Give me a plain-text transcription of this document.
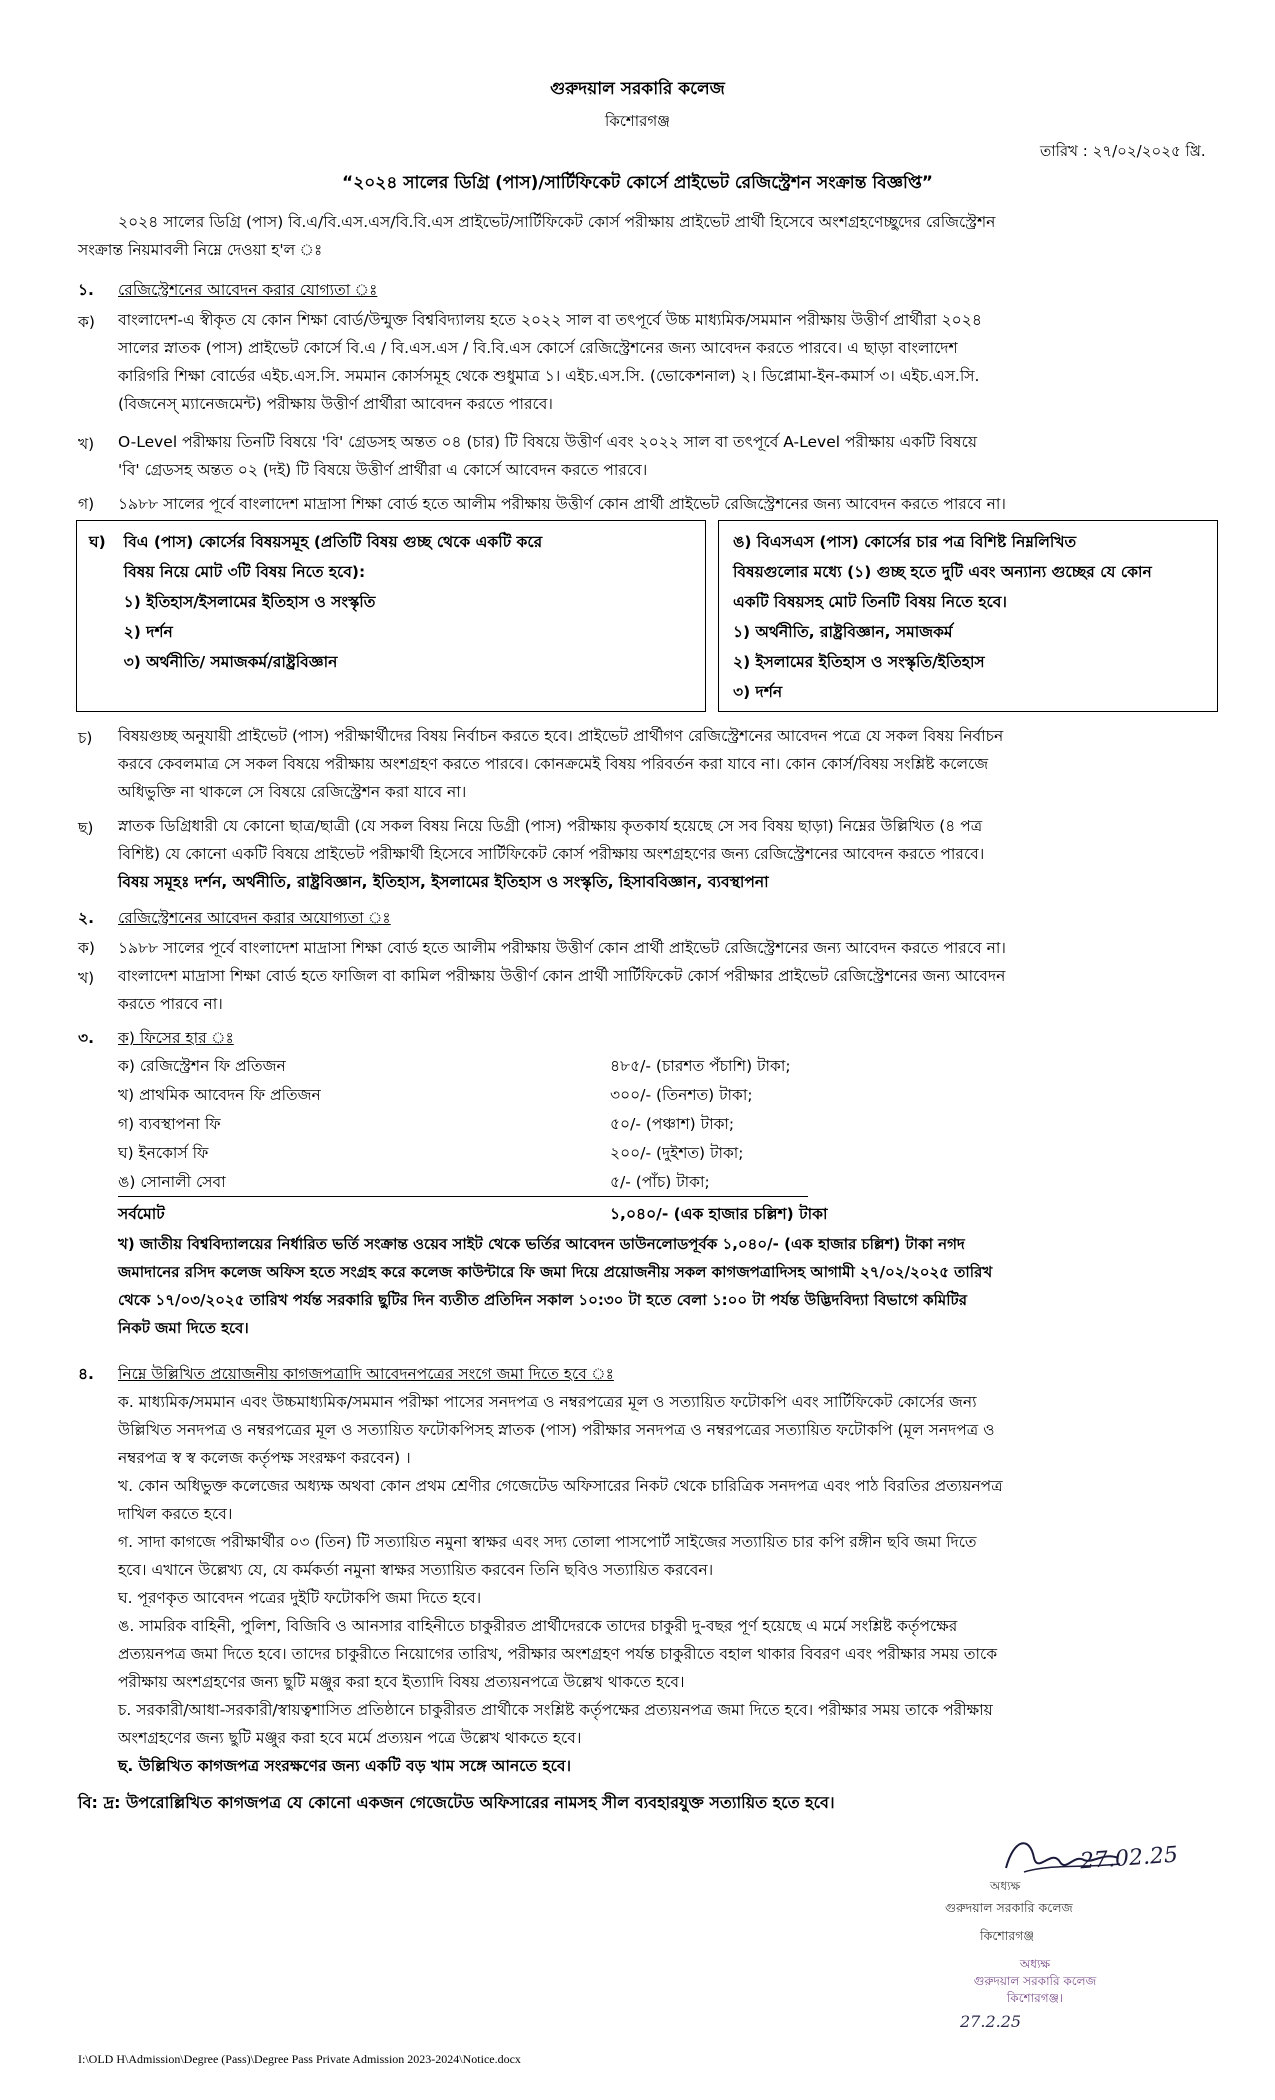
গুরুদয়াল সরকারি কলেজ
কিশোরগঞ্জ
তারিখ : ২৭/০২/২০২৫ খ্রি.
“২০২৪ সালের ডিগ্রি (পাস)/সার্টিফিকেট কোর্সে প্রাইভেট রেজিস্ট্রেশন সংক্রান্ত বিজ্ঞপ্তি”
২০২৪ সালের ডিগ্রি (পাস) বি.এ/বি.এস.এস/বি.বি.এস প্রাইভেট/সার্টিফিকেট কোর্স পরীক্ষায় প্রাইভেট প্রার্থী হিসেবে অংশগ্রহণেচ্ছুদের রেজিস্ট্রেশন
সংক্রান্ত নিয়মাবলী নিম্নে দেওয়া হ'ল ঃ
১. রেজিস্ট্রেশনের আবেদন করার যোগ্যতা ঃ
ক) বাংলাদেশ-এ স্বীকৃত যে কোন শিক্ষা বোর্ড/উন্মুক্ত বিশ্ববিদ্যালয় হতে ২০২২ সাল বা তৎপূর্বে উচ্চ মাধ্যমিক/সমমান পরীক্ষায় উত্তীর্ণ প্রার্থীরা ২০২৪
সালের স্নাতক (পাস) প্রাইভেট কোর্সে বি.এ / বি.এস.এস / বি.বি.এস কোর্সে রেজিস্ট্রেশনের জন্য আবেদন করতে পারবে। এ ছাড়া বাংলাদেশ
কারিগরি শিক্ষা বোর্ডের এইচ.এস.সি. সমমান কোর্সসমূহ থেকে শুধুমাত্র ১। এইচ.এস.সি. (ভোকেশনাল) ২। ডিপ্লোমা-ইন-কমার্স ৩। এইচ.এস.সি.
(বিজনেস্ ম্যানেজমেন্ট) পরীক্ষায় উত্তীর্ণ প্রার্থীরা আবেদন করতে পারবে।
খ) O-Level পরীক্ষায় তিনটি বিষয়ে 'বি' গ্রেডসহ অন্তত ০৪ (চার) টি বিষয়ে উত্তীর্ণ এবং ২০২২ সাল বা তৎপূর্বে A-Level পরীক্ষায় একটি বিষয়ে
'বি' গ্রেডসহ অন্তত ০২ (দই) টি বিষয়ে উত্তীর্ণ প্রার্থীরা এ কোর্সে আবেদন করতে পারবে।
গ) ১৯৮৮ সালের পূর্বে বাংলাদেশ মাদ্রাসা শিক্ষা বোর্ড হতে আলীম পরীক্ষায় উত্তীর্ণ কোন প্রার্থী প্রাইভেট রেজিস্ট্রেশনের জন্য আবেদন করতে পারবে না।
ঘ) বিএ (পাস) কোর্সের বিষয়সমূহ (প্রতিটি বিষয় গুচ্ছ থেকে একটি করে
বিষয় নিয়ে মোট ৩টি বিষয় নিতে হবে):
১) ইতিহাস/ইসলামের ইতিহাস ও সংস্কৃতি
২) দর্শন
৩) অর্থনীতি/ সমাজকর্ম/রাষ্ট্রবিজ্ঞান
ঙ) বিএসএস (পাস) কোর্সের চার পত্র বিশিষ্ট নিম্নলিখিত
বিষয়গুলোর মধ্যে (১) গুচ্ছ হতে দুটি এবং অন্যান্য গুচ্ছের যে কোন
একটি বিষয়সহ মোট তিনটি বিষয় নিতে হবে।
১) অর্থনীতি, রাষ্ট্রবিজ্ঞান, সমাজকর্ম
২) ইসলামের ইতিহাস ও সংস্কৃতি/ইতিহাস
৩) দর্শন
চ) বিষয়গুচ্ছ অনুযায়ী প্রাইভেট (পাস) পরীক্ষার্থীদের বিষয় নির্বাচন করতে হবে। প্রাইভেট প্রার্থীগণ রেজিস্ট্রেশনের আবেদন পত্রে যে সকল বিষয় নির্বাচন
করবে কেবলমাত্র সে সকল বিষয়ে পরীক্ষায় অংশগ্রহণ করতে পারবে। কোনক্রমেই বিষয় পরিবর্তন করা যাবে না। কোন কোর্স/বিষয় সংশ্লিষ্ট কলেজে
অধিভুক্তি না থাকলে সে বিষয়ে রেজিস্ট্রেশন করা যাবে না।
ছ) স্নাতক ডিগ্রিধারী যে কোনো ছাত্র/ছাত্রী (যে সকল বিষয় নিয়ে ডিগ্রী (পাস) পরীক্ষায় কৃতকার্য হয়েছে সে সব বিষয় ছাড়া) নিম্নের উল্লিখিত (৪ পত্র
বিশিষ্ট) যে কোনো একটি বিষয়ে প্রাইভেট পরীক্ষার্থী হিসেবে সার্টিফিকেট কোর্স পরীক্ষায় অংশগ্রহণের জন্য রেজিস্ট্রেশনের আবেদন করতে পারবে।
বিষয় সমূহঃ দর্শন, অর্থনীতি, রাষ্ট্রবিজ্ঞান, ইতিহাস, ইসলামের ইতিহাস ও সংস্কৃতি, হিসাববিজ্ঞান, ব্যবস্থাপনা
২. রেজিস্ট্রেশনের আবেদন করার অযোগ্যতা ঃ
ক) ১৯৮৮ সালের পূর্বে বাংলাদেশ মাদ্রাসা শিক্ষা বোর্ড হতে আলীম পরীক্ষায় উত্তীর্ণ কোন প্রার্থী প্রাইভেট রেজিস্ট্রেশনের জন্য আবেদন করতে পারবে না।
খ) বাংলাদেশ মাদ্রাসা শিক্ষা বোর্ড হতে ফাজিল বা কামিল পরীক্ষায় উত্তীর্ণ কোন প্রার্থী সার্টিফিকেট কোর্স পরীক্ষার প্রাইভেট রেজিস্ট্রেশনের জন্য আবেদন
করতে পারবে না।
৩. ক) ফিসের হার ঃ
ক) রেজিস্ট্রেশন ফি প্রতিজন	৪৮৫/- (চারশত পঁচাশি) টাকা;
খ) প্রাথমিক আবেদন ফি প্রতিজন	৩০০/- (তিনশত) টাকা;
গ) ব্যবস্থাপনা ফি	৫০/- (পঞ্চাশ) টাকা;
ঘ) ইনকোর্স ফি	২০০/- (দুইশত) টাকা;
ঙ) সোনালী সেবা	৫/- (পাঁচ) টাকা;
সর্বমোট	১,০৪০/- (এক হাজার চল্লিশ) টাকা
খ) জাতীয় বিশ্ববিদ্যালয়ের নির্ধারিত ভর্তি সংক্রান্ত ওয়েব সাইট থেকে ভর্তির আবেদন ডাউনলোডপূর্বক ১,০৪০/- (এক হাজার চল্লিশ) টাকা নগদ
জমাদানের রসিদ কলেজ অফিস হতে সংগ্রহ করে কলেজ কাউন্টারে ফি জমা দিয়ে প্রয়োজনীয় সকল কাগজপত্রাদিসহ আগামী ২৭/০২/২০২৫ তারিখ
থেকে ১৭/০৩/২০২৫ তারিখ পর্যন্ত সরকারি ছুটির দিন ব্যতীত প্রতিদিন সকাল ১০:৩০ টা হতে বেলা ১:০০ টা পর্যন্ত উদ্ভিদবিদ্যা বিভাগে কমিটির
নিকট জমা দিতে হবে।
৪. নিম্নে উল্লিখিত প্রয়োজনীয় কাগজপত্রাদি আবেদনপত্রের সংগে জমা দিতে হবে ঃ
ক. মাধ্যমিক/সমমান এবং উচ্চমাধ্যমিক/সমমান পরীক্ষা পাসের সনদপত্র ও নম্বরপত্রের মূল ও সত্যায়িত ফটোকপি এবং সার্টিফিকেট কোর্সের জন্য
উল্লিখিত সনদপত্র ও নম্বরপত্রের মূল ও সত্যায়িত ফটোকপিসহ স্নাতক (পাস) পরীক্ষার সনদপত্র ও নম্বরপত্রের সত্যায়িত ফটোকপি (মূল সনদপত্র ও
নম্বরপত্র স্ব স্ব কলেজ কর্তৃপক্ষ সংরক্ষণ করবেন) ।
খ. কোন অধিভুক্ত কলেজের অধ্যক্ষ অথবা কোন প্রথম শ্রেণীর গেজেটেড অফিসারের নিকট থেকে চারিত্রিক সনদপত্র এবং পাঠ বিরতির প্রত্যয়নপত্র
দাখিল করতে হবে।
গ. সাদা কাগজে পরীক্ষার্থীর ০৩ (তিন) টি সত্যায়িত নমুনা স্বাক্ষর এবং সদ্য তোলা পাসপোর্ট সাইজের সত্যায়িত চার কপি রঙ্গীন ছবি জমা দিতে
হবে। এখানে উল্লেখ্য যে, যে কর্মকর্তা নমুনা স্বাক্ষর সত্যায়িত করবেন তিনি ছবিও সত্যায়িত করবেন।
ঘ. পূরণকৃত আবেদন পত্রের দুইটি ফটোকপি জমা দিতে হবে।
ঙ. সামরিক বাহিনী, পুলিশ, বিজিবি ও আনসার বাহিনীতে চাকুরীরত প্রার্থীদেরকে তাদের চাকুরী দু-বছর পূর্ণ হয়েছে এ মর্মে সংশ্লিষ্ট কর্তৃপক্ষের
প্রত্যয়নপত্র জমা দিতে হবে। তাদের চাকুরীতে নিয়োগের তারিখ, পরীক্ষার অংশগ্রহণ পর্যন্ত চাকুরীতে বহাল থাকার বিবরণ এবং পরীক্ষার সময় তাকে
পরীক্ষায় অংশগ্রহণের জন্য ছুটি মঞ্জুর করা হবে ইত্যাদি বিষয় প্রত্যয়নপত্রে উল্লেখ থাকতে হবে।
চ. সরকারী/আধা-সরকারী/স্বায়ত্বশাসিত প্রতিষ্ঠানে চাকুরীরত প্রার্থীকে সংশ্লিষ্ট কর্তৃপক্ষের প্রত্যয়নপত্র জমা দিতে হবে। পরীক্ষার সময় তাকে পরীক্ষায়
অংশগ্রহণের জন্য ছুটি মঞ্জুর করা হবে মর্মে প্রত্যয়ন পত্রে উল্লেখ থাকতে হবে।
ছ. উল্লিখিত কাগজপত্র সংরক্ষণের জন্য একটি বড় খাম সঙ্গে আনতে হবে।
বি: দ্র: উপরোল্লিখিত কাগজপত্র যে কোনো একজন গেজেটেড অফিসারের নামসহ সীল ব্যবহারযুক্ত সত্যায়িত হতে হবে।
27.02.25
অধ্যক্ষ
গুরুদয়াল সরকারি কলেজ
কিশোরগঞ্জ
অধ্যক্ষ
গুরুদয়াল সরকারি কলেজ
কিশোরগঞ্জ।
27.2.25
I:\OLD H\Admission\Degree (Pass)\Degree Pass Private Admission 2023-2024\Notice.docx
